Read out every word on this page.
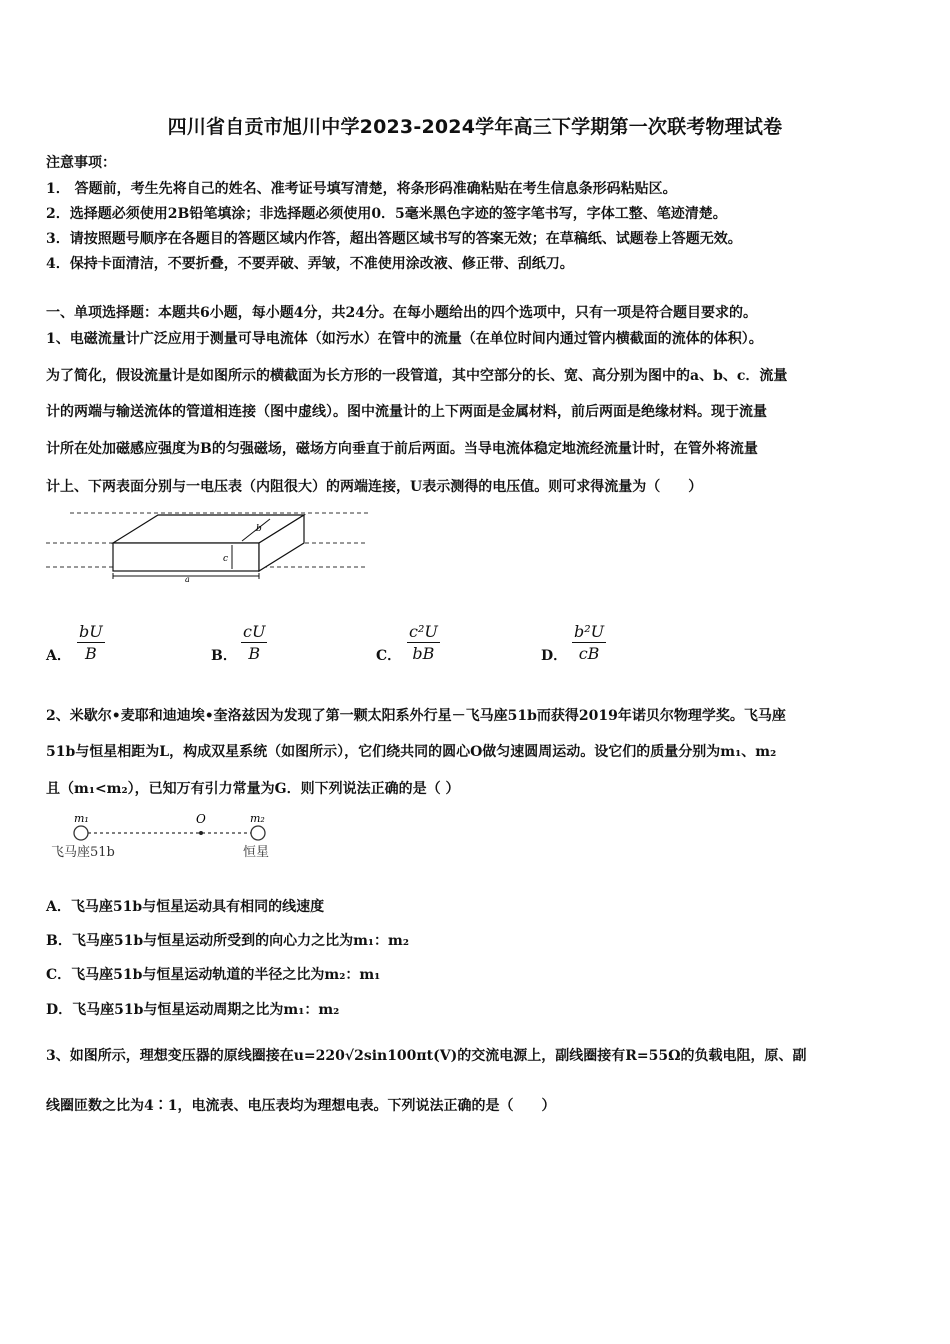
四川省自贡市旭川中学2023-2024学年高三下学期第一次联考物理试卷
注意事项：
1． 答题前，考生先将自己的姓名、准考证号填写清楚，将条形码准确粘贴在考生信息条形码粘贴区。
2．选择题必须使用2B铅笔填涂；非选择题必须使用0．5毫米黑色字迹的签字笔书写，字体工整、笔迹清楚。
3．请按照题号顺序在各题目的答题区域内作答，超出答题区域书写的答案无效；在草稿纸、试题卷上答题无效。
4．保持卡面清洁，不要折叠，不要弄破、弄皱，不准使用涂改液、修正带、刮纸刀。
一、单项选择题：本题共6小题，每小题4分，共24分。在每小题给出的四个选项中，只有一项是符合题目要求的。
1、电磁流量计广泛应用于测量可导电流体（如污水）在管中的流量（在单位时间内通过管内横截面的流体的体积）。
为了简化，假设流量计是如图所示的横截面为长方形的一段管道，其中空部分的长、宽、高分别为图中的a、b、c．流量
计的两端与输送流体的管道相连接（图中虚线）。图中流量计的上下两面是金属材料，前后两面是绝缘材料。现于流量
计所在处加磁感应强度为B的匀强磁场，磁场方向垂直于前后两面。当导电流体稳定地流经流量计时，在管外将流量
计上、下两表面分别与一电压表（内阻很大）的两端连接，U表示测得的电压值。则可求得流量为（　　）
b
c
a
A．
bU
B	B．
cU
B	C．
c²U
bB	D．
b²U
cB
2、米歇尔•麦耶和迪迪埃•奎洛兹因为发现了第一颗太阳系外行星－飞马座51b而获得2019年诺贝尔物理学奖。飞马座
51b与恒星相距为L，构成双星系统（如图所示），它们绕共同的圆心O做匀速圆周运动。设它们的质量分别为m₁、m₂
且（m₁<m₂），已知万有引力常量为G．则下列说法正确的是（ ）
m₁	O	m₂
飞马座51b	恒星
A．飞马座51b与恒星运动具有相同的线速度
B．飞马座51b与恒星运动所受到的向心力之比为m₁：m₂
C．飞马座51b与恒星运动轨道的半径之比为m₂：m₁
D．飞马座51b与恒星运动周期之比为m₁：m₂
3、如图所示，理想变压器的原线圈接在u=220√2sin100πt(V)的交流电源上，副线圈接有R=55Ω的负载电阻，原、副
线圈匝数之比为4∶1，电流表、电压表均为理想电表。下列说法正确的是（　　）
